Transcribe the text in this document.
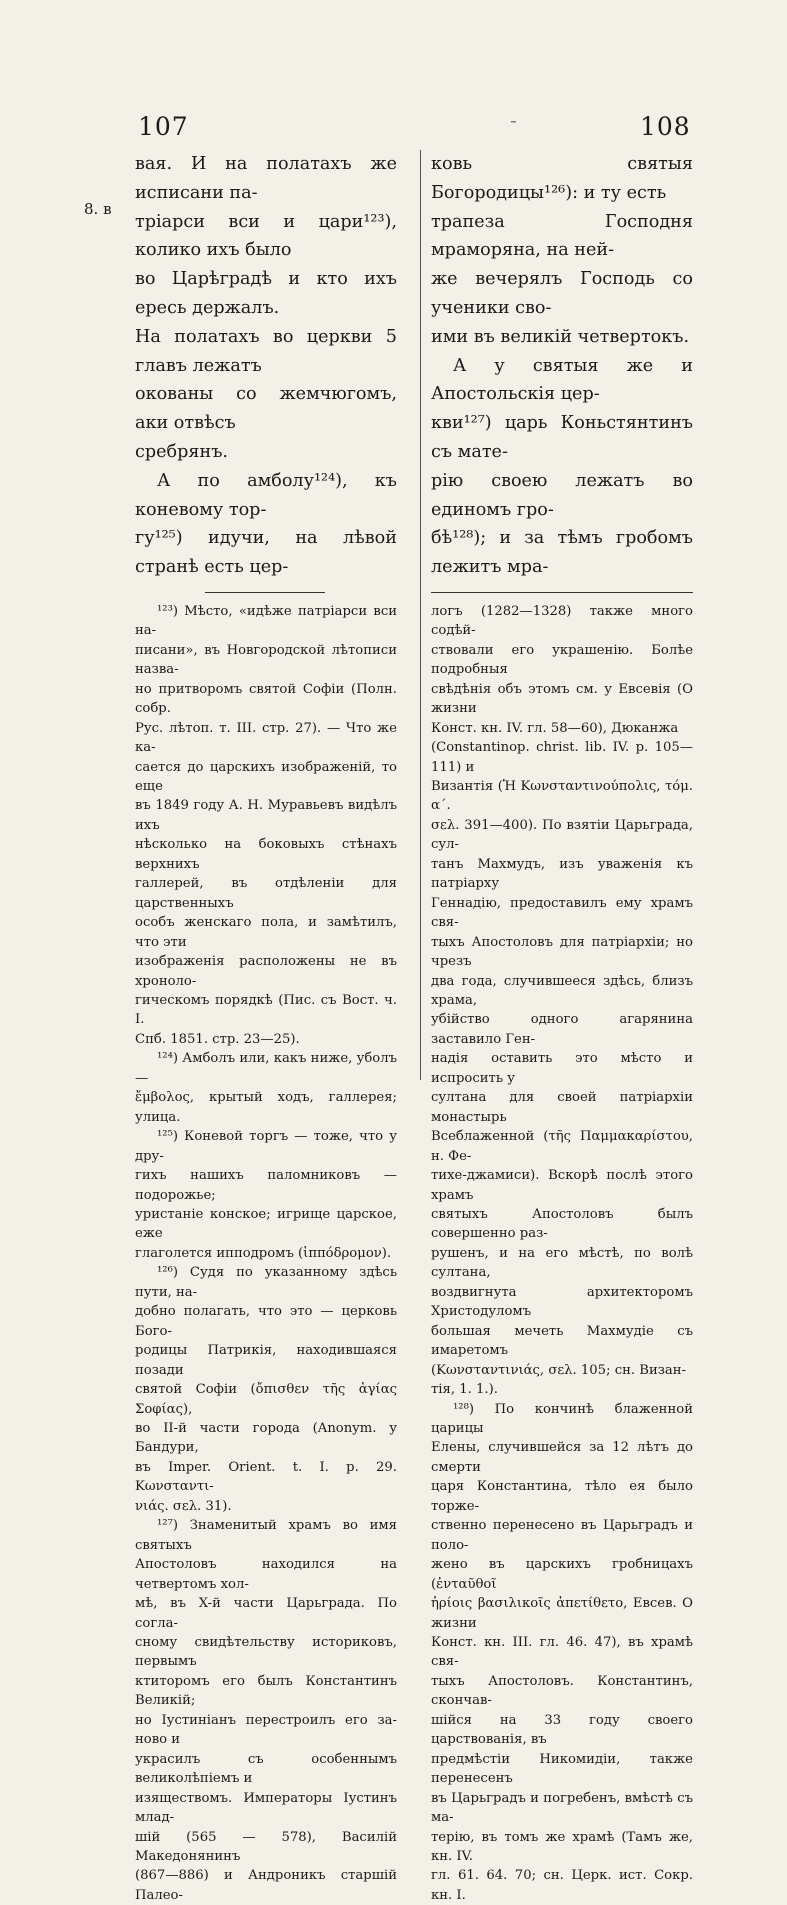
107	-	108
8. в

вая. И на полатахъ же исписани па-

тріарси вси и цари¹²³), колико ихъ было

во Царѣградѣ и кто ихъ ересь держалъ.

На полатахъ во церкви 5 главъ лежатъ

окованы со жемчюгомъ, аки отвѣсъ

сребрянъ.

А по амболу¹²⁴), къ коневому тор-

гу¹²⁵) идучи, на лѣвой странѣ есть цер-

¹²³) Мѣсто, «идѣже патріарси вси на-

писани», въ Новгородской лѣтописи назва-

но притворомъ святой Софіи (Полн. собр.

Рус. лѣтоп. т. III. стр. 27). — Что же ка-

сается до царскихъ изображеній, то еще

въ 1849 году А. Н. Муравьевъ видѣлъ ихъ

нѣсколько на боковыхъ стѣнахъ верхнихъ

галлерей, въ отдѣленіи для царственныхъ

особъ женскаго пола, и замѣтилъ, что эти

изображенія расположены не въ хроноло-

гическомъ порядкѣ (Пис. съ Вост. ч. I.

Спб. 1851. стр. 23—25).

¹²⁴) Амболъ или, какъ ниже, уболъ —

ἔμβολος, крытый ходъ, галлерея; улица.

¹²⁵) Коневой торгъ — тоже, что у дру-

гихъ нашихъ паломниковъ — подорожье;

уристаніе конское; игрище царское, еже

глаголется ипподромъ (ἱππόδρομον).

¹²⁶) Судя по указанному здѣсь пути, на-

добно полагать, что это — церковь Бого-

родицы Патрикія, находившаяся позади

святой Софіи (ὄπισθεν τῆς ἁγίας Σοφίας),

во II-й части города (Anonym. у Бандури,

въ Imper. Orient. t. I. p. 29. Κωνσταντι-

νιάς. σελ. 31).

¹²⁷) Знаменитый храмъ во имя святыхъ

Апостоловъ находился на четвертомъ хол-

мѣ, въ X-й части Царьграда. По согла-

сному свидѣтельству историковъ, первымъ

ктиторомъ его былъ Константинъ Великій;

но Іустиніанъ перестроилъ его за-ново и

украсилъ съ особеннымъ великолѣпіемъ и

изяществомъ. Императоры Іустинъ млад-

шій (565 — 578), Василій Македонянинъ

(867—886) и Андроникъ старшій Палео-

ковь святыя Богородицы¹²⁶): и ту есть

трапеза Господня мраморяна, на ней-

же вечерялъ Господь со ученики сво-

ими въ великій четвертокъ.

А у святыя же и Апостольскія цер-

кви¹²⁷) царь Коньстянтинъ съ мате-

рію своею лежатъ во единомъ гро-

бѣ¹²⁸); и за тѣмъ гробомъ лежитъ мра-

логъ (1282—1328) также много содѣй-

ствовали его украшенію. Болѣе подробныя

свѣдѣнія объ этомъ см. у Евсевія (О жизни

Конст. кн. IV. гл. 58—60), Дюканжа

(Constantinop. christ. lib. IV. p. 105—111) и

Византія (Ἡ Κωνσταντινούπολις, τόμ. α΄.

σελ. 391—400). По взятіи Царьграда, сул-

танъ Махмудъ, изъ уваженія къ патріарху

Геннадію, предоставилъ ему храмъ свя-

тыхъ Апостоловъ для патріархіи; но чрезъ

два года, случившееся здѣсь, близъ храма,

убійство одного агарянина заставило Ген-

надія оставить это мѣсто и испросить у

султана для своей патріархіи монастырь

Всеблаженной (τῆς Παμμακαρίστου, н. Фе-

тихе-джамиси). Вскорѣ послѣ этого храмъ

святыхъ Апостоловъ былъ совершенно раз-

рушенъ, и на его мѣстѣ, по волѣ султана,

воздвигнута архитекторомъ Христодуломъ

большая мечеть Махмудіе съ имаретомъ

(Κωνσταντινιάς, σελ. 105; сн. Визан-

тія, 1. 1.).

¹²⁸) По кончинѣ блаженной царицы

Елены, случившейся за 12 лѣтъ до смерти

царя Константина, тѣло ея было торже-

ственно перенесено въ Царьградъ и поло-

жено въ царскихъ гробницахъ (ἐνταῦθοῖ

ἠρίοις βασιλικοῖς ἀπετίθετο, Евсев. О жизни

Конст. кн. III. гл. 46. 47), въ храмѣ свя-

тыхъ Апостоловъ. Константинъ, скончав-

шійся на 33 году своего царствованія, въ

предмѣстіи Никомидіи, также перенесенъ

въ Царьградъ и погребенъ, вмѣстѣ съ ма-

терію, въ томъ же храмѣ (Тамъ же, кн. IV.

гл. 61. 64. 70; сн. Церк. ист. Сокр. кн. I.
